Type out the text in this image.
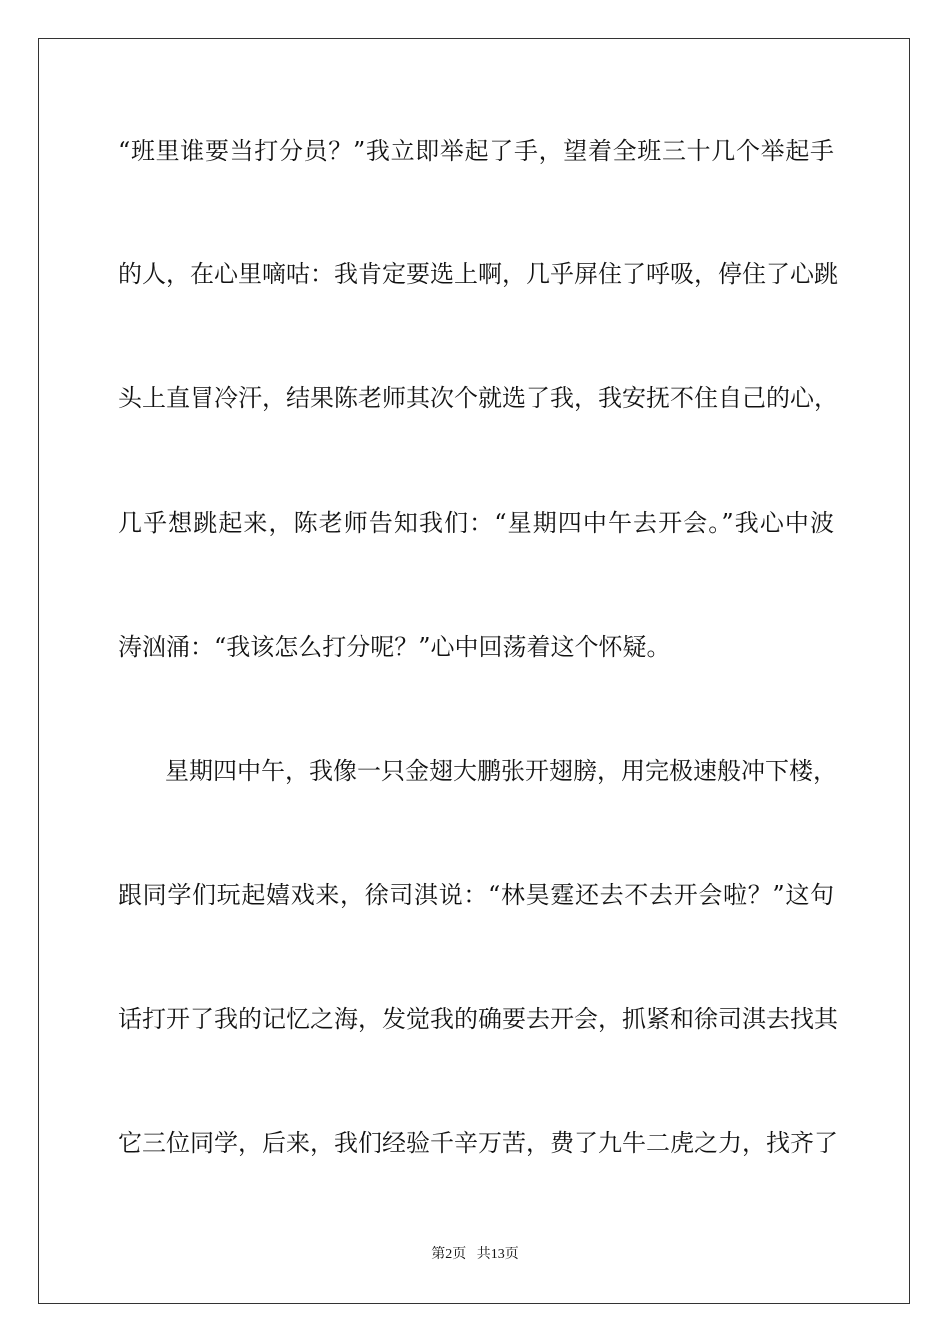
“班里谁要当打分员？”我立即举起了手，望着全班三十几个举起手
的人，在心里嘀咕：我肯定要选上啊，几乎屏住了呼吸，停住了心跳
头上直冒冷汗，结果陈老师其次个就选了我，我安抚不住自己的心，
几乎想跳起来，陈老师告知我们：“星期四中午去开会。”我心中波
涛汹涌：“我该怎么打分呢？”心中回荡着这个怀疑。
星期四中午，我像一只金翅大鹏张开翅膀，用完极速般冲下楼，
跟同学们玩起嬉戏来，徐司淇说：“林昊霆还去不去开会啦？”这句
话打开了我的记忆之海，发觉我的确要去开会，抓紧和徐司淇去找其
它三位同学，后来，我们经验千辛万苦，费了九牛二虎之力，找齐了
第2页 共13页
